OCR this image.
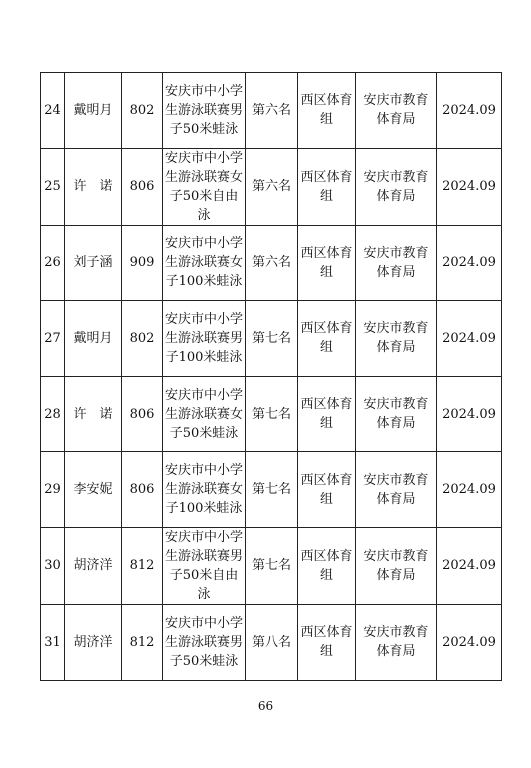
24	戴明月	802	安庆市中小学生游泳联赛男子50米蛙泳	第六名	西区体育组	安庆市教育体育局	2024.09
25	许　诺	806	安庆市中小学生游泳联赛女子50米自由泳	第六名	西区体育组	安庆市教育体育局	2024.09
26	刘子涵	909	安庆市中小学生游泳联赛女子100米蛙泳	第六名	西区体育组	安庆市教育体育局	2024.09
27	戴明月	802	安庆市中小学生游泳联赛男子100米蛙泳	第七名	西区体育组	安庆市教育体育局	2024.09
28	许　诺	806	安庆市中小学生游泳联赛女子50米蛙泳	第七名	西区体育组	安庆市教育体育局	2024.09
29	李安妮	806	安庆市中小学生游泳联赛女子100米蛙泳	第七名	西区体育组	安庆市教育体育局	2024.09
30	胡济洋	812	安庆市中小学生游泳联赛男子50米自由泳	第七名	西区体育组	安庆市教育体育局	2024.09
31	胡济洋	812	安庆市中小学生游泳联赛男子50米蛙泳	第八名	西区体育组	安庆市教育体育局	2024.09
66
